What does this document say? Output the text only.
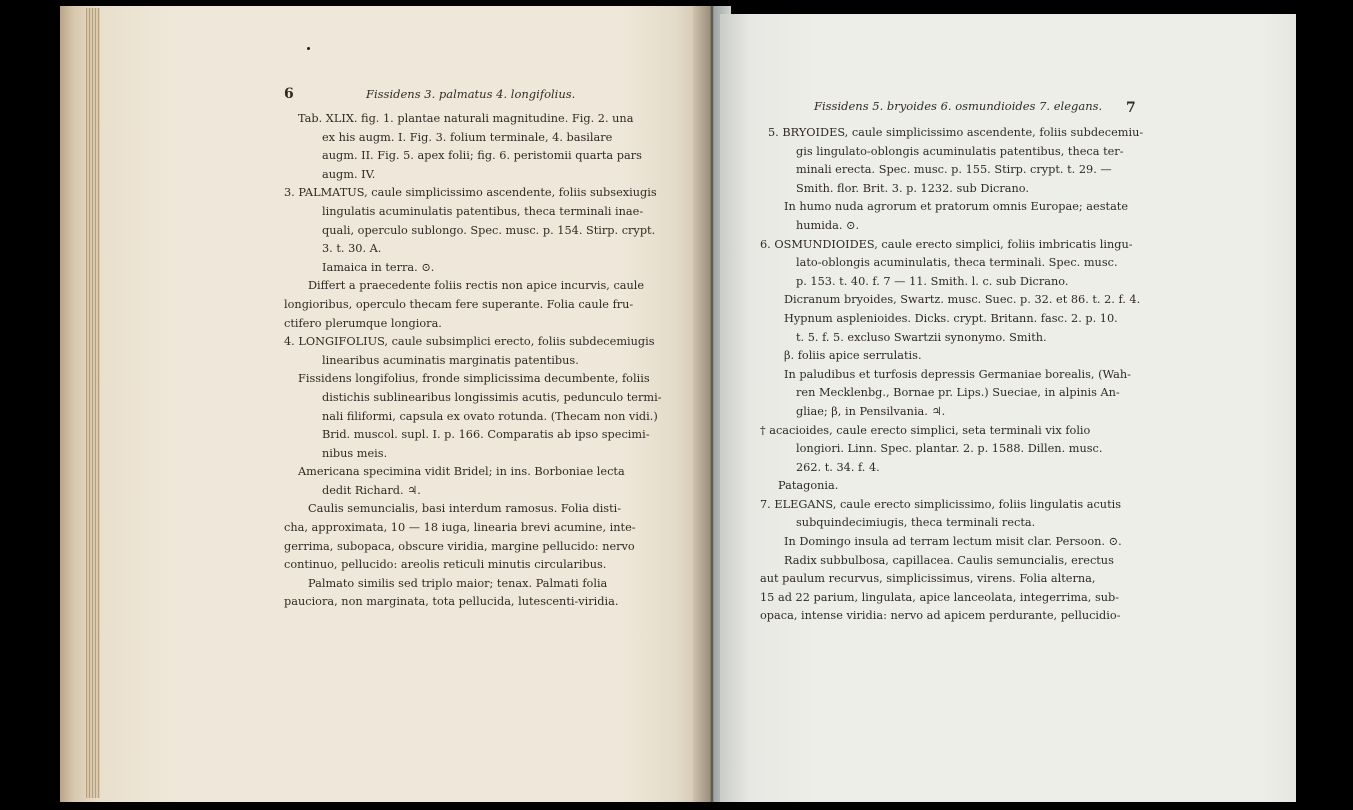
6	Fissidens 3. palmatus 4. longifolius.
Tab. XLIX. fig. 1. plantae naturali magnitudine. Fig. 2. una
ex his augm. I. Fig. 3. folium terminale, 4. basilare
augm. II. Fig. 5. apex folii; fig. 6. peristomii quarta pars
augm. IV.
3. PALMATUS, caule simplicissimo ascendente, foliis subsexiugis
lingulatis acuminulatis patentibus, theca terminali inae-
quali, operculo sublongo. Spec. musc. p. 154. Stirp. crypt.
3. t. 30. A.
Iamaica in terra. ⊙.
Differt a praecedente foliis rectis non apice incurvis, caule
longioribus, operculo thecam fere superante. Folia caule fru-
ctifero plerumque longiora.
4. LONGIFOLIUS, caule subsimplici erecto, foliis subdecemiugis
linearibus acuminatis marginatis patentibus.
Fissidens longifolius, fronde simplicissima decumbente, foliis
distichis sublinearibus longissimis acutis, pedunculo termi-
nali filiformi, capsula ex ovato rotunda. (Thecam non vidi.)
Brid. muscol. supl. I. p. 166. Comparatis ab ipso specimi-
nibus meis.
Americana specimina vidit Bridel; in ins. Borboniae lecta
dedit Richard. ♃.
Caulis semuncialis, basi interdum ramosus. Folia disti-
cha, approximata, 10 — 18 iuga, linearia brevi acumine, inte-
gerrima, subopaca, obscure viridia, margine pellucido: nervo
continuo, pellucido: areolis reticuli minutis circularibus.
Palmato similis sed triplo maior; tenax. Palmati folia
pauciora, non marginata, tota pellucida, lutescenti-viridia.
Fissidens 5. bryoides 6. osmundioides 7. elegans. 7
5. BRYOIDES, caule simplicissimo ascendente, foliis subdecemiu-
gis lingulato-oblongis acuminulatis patentibus, theca ter-
minali erecta. Spec. musc. p. 155. Stirp. crypt. t. 29. —
Smith. flor. Brit. 3. p. 1232. sub Dicrano.
In humo nuda agrorum et pratorum omnis Europae; aestate
humida. ⊙.
6. OSMUNDIOIDES, caule erecto simplici, foliis imbricatis lingu-
lato-oblongis acuminulatis, theca terminali. Spec. musc.
p. 153. t. 40. f. 7 — 11. Smith. l. c. sub Dicrano.
Dicranum bryoides, Swartz. musc. Suec. p. 32. et 86. t. 2. f. 4.
Hypnum asplenioides. Dicks. crypt. Britann. fasc. 2. p. 10.
t. 5. f. 5. excluso Swartzii synonymo. Smith.
β. foliis apice serrulatis.
In paludibus et turfosis depressis Germaniae borealis, (Wah-
ren Mecklenbg., Bornae pr. Lips.) Sueciae, in alpinis An-
gliae; β, in Pensilvania. ♃.
† acacioides, caule erecto simplici, seta terminali vix folio
longiori. Linn. Spec. plantar. 2. p. 1588. Dillen. musc.
262. t. 34. f. 4.
Patagonia.
7. ELEGANS, caule erecto simplicissimo, foliis lingulatis acutis
subquindecimiugis, theca terminali recta.
In Domingo insula ad terram lectum misit clar. Persoon. ⊙.
Radix subbulbosa, capillacea. Caulis semuncialis, erectus
aut paulum recurvus, simplicissimus, virens. Folia alterna,
15 ad 22 parium, lingulata, apice lanceolata, integerrima, sub-
opaca, intense viridia: nervo ad apicem perdurante, pellucidio-
